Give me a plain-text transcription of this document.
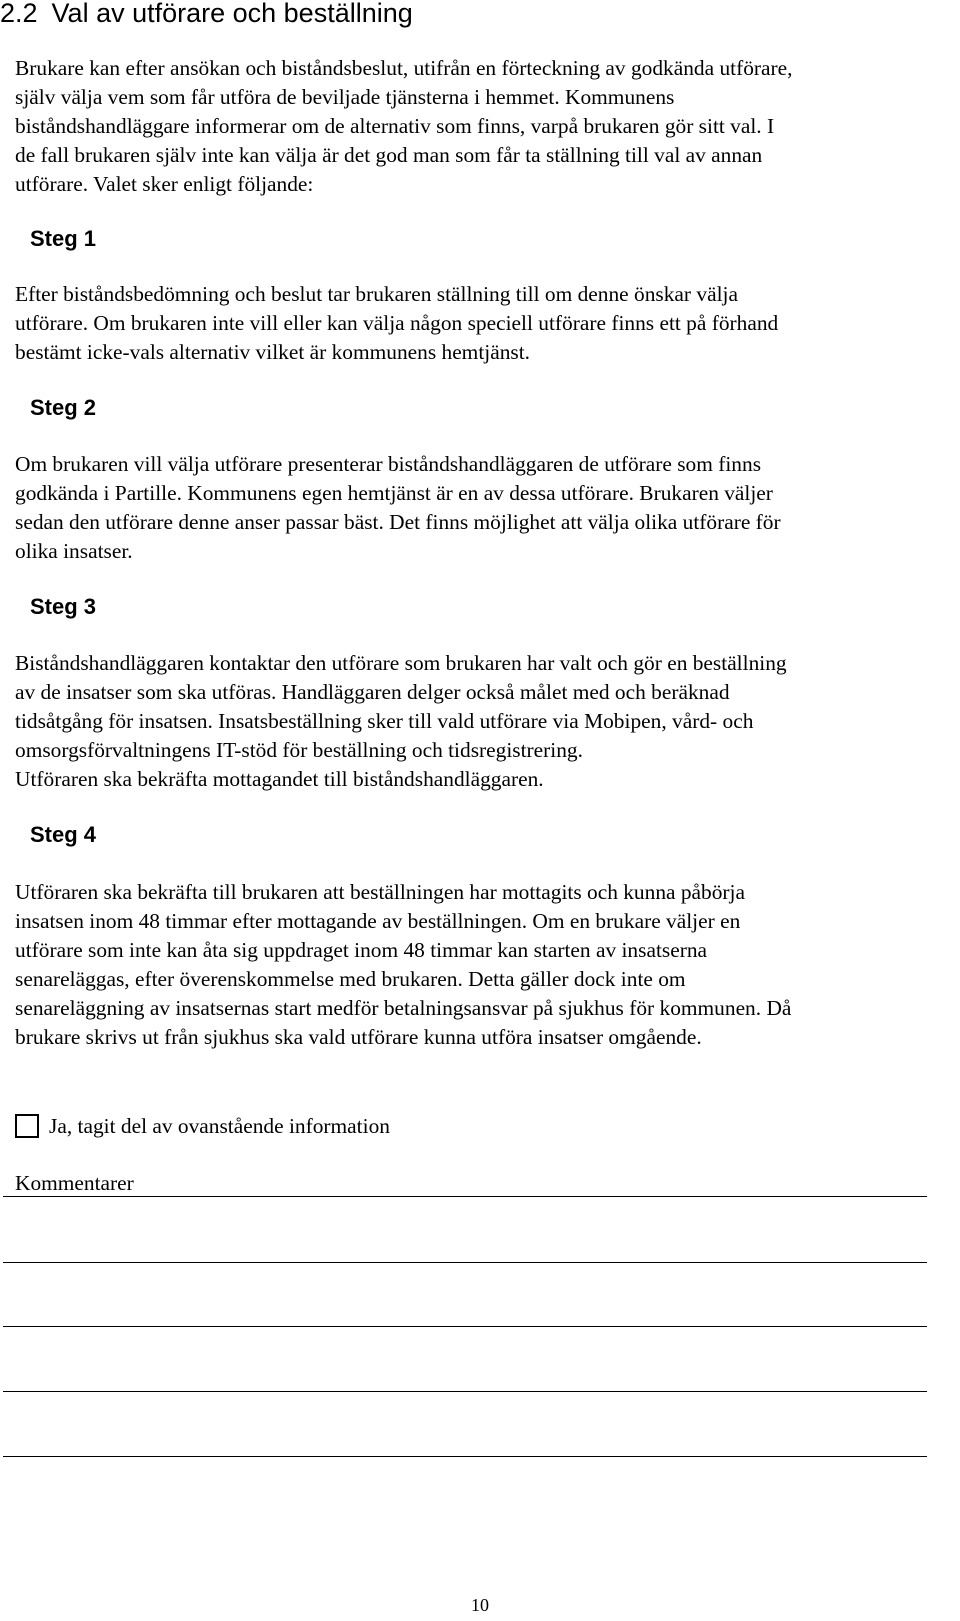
2.2 Val av utförare och beställning

Brukare kan efter ansökan och biståndsbeslut, utifrån en förteckning av godkända utförare,
själv välja vem som får utföra de beviljade tjänsterna i hemmet. Kommunens
biståndshandläggare informerar om de alternativ som finns, varpå brukaren gör sitt val. I
de fall brukaren själv inte kan välja är det god man som får ta ställning till val av annan
utförare. Valet sker enligt följande:

Steg 1

Efter biståndsbedömning och beslut tar brukaren ställning till om denne önskar välja
utförare. Om brukaren inte vill eller kan välja någon speciell utförare finns ett på förhand
bestämt icke-vals alternativ vilket är kommunens hemtjänst.

Steg 2

Om brukaren vill välja utförare presenterar biståndshandläggaren de utförare som finns
godkända i Partille. Kommunens egen hemtjänst är en av dessa utförare. Brukaren väljer
sedan den utförare denne anser passar bäst. Det finns möjlighet att välja olika utförare för
olika insatser.

Steg 3

Biståndshandläggaren kontaktar den utförare som brukaren har valt och gör en beställning
av de insatser som ska utföras. Handläggaren delger också målet med och beräknad
tidsåtgång för insatsen. Insatsbeställning sker till vald utförare via Mobipen, vård- och
omsorgsförvaltningens IT-stöd för beställning och tidsregistrering.
Utföraren ska bekräfta mottagandet till biståndshandläggaren.

Steg 4

Utföraren ska bekräfta till brukaren att beställningen har mottagits och kunna påbörja
insatsen inom 48 timmar efter mottagande av beställningen. Om en brukare väljer en
utförare som inte kan åta sig uppdraget inom 48 timmar kan starten av insatserna
senareläggas, efter överenskommelse med brukaren. Detta gäller dock inte om
senareläggning av insatsernas start medför betalningsansvar på sjukhus för kommunen. Då
brukare skrivs ut från sjukhus ska vald utförare kunna utföra insatser omgående.

Ja, tagit del av ovanstående information
Kommentarer
10
